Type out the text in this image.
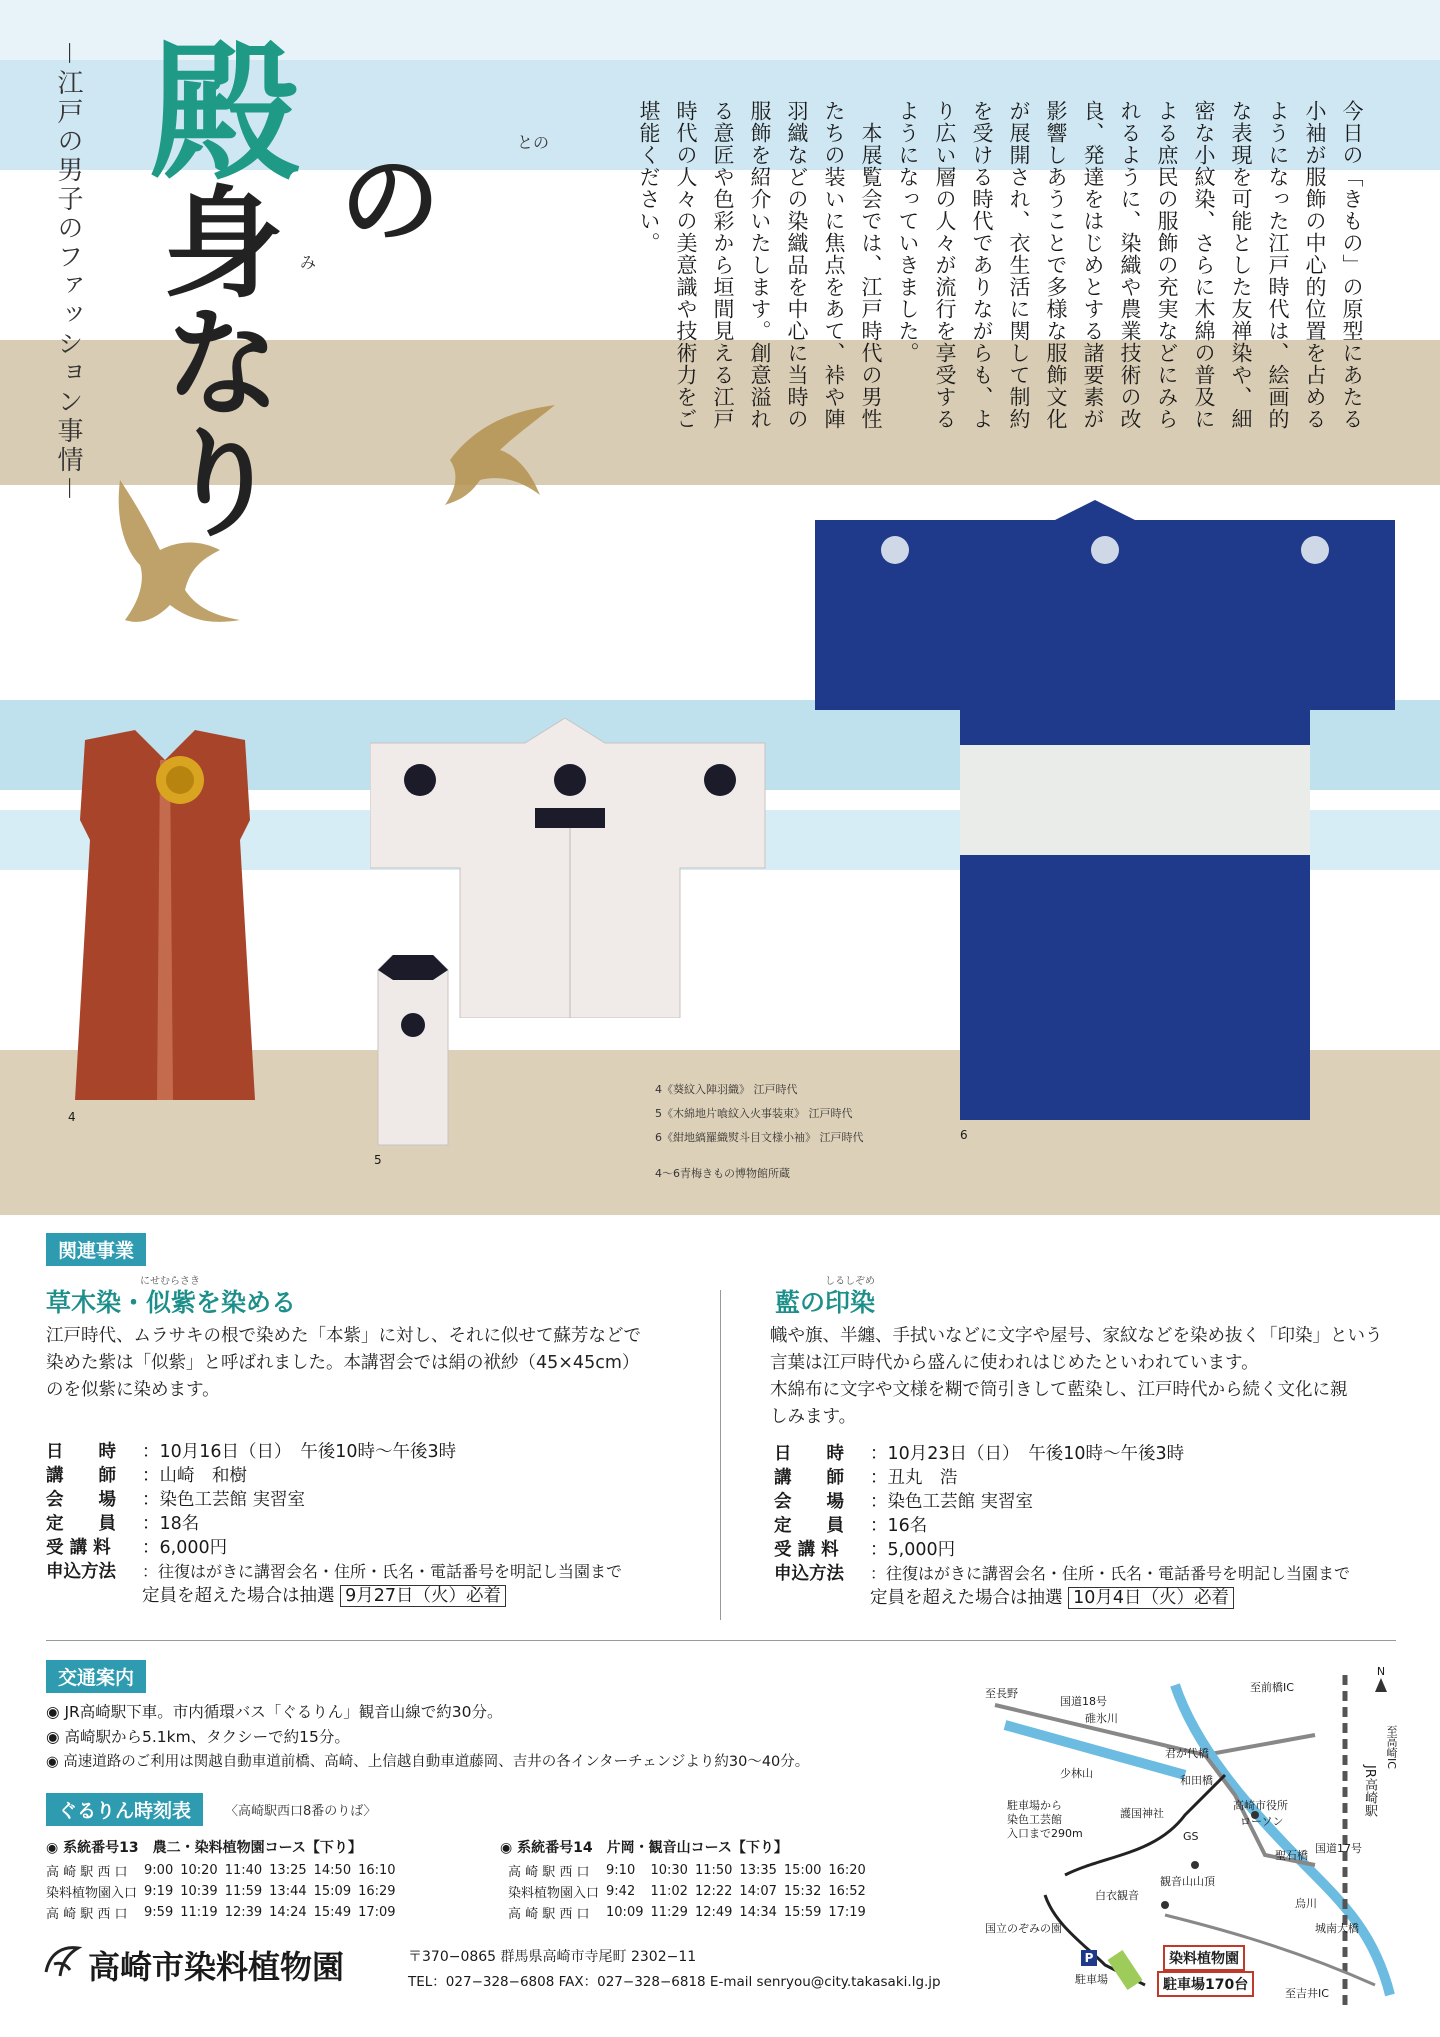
殿	との
の
み
身なり
－江戸の男子のファッション事情－	今日の「きもの」の原型にあたる
小袖が服飾の中心的位置を占める
ようになった江戸時代は、絵画的
な表現を可能とした友禅染や、細
密な小紋染、さらに木綿の普及に
よる庶民の服飾の充実などにみら
れるように、染織や農業技術の改
良、発達をはじめとする諸要素が
影響しあうことで多様な服飾文化
が展開され、衣生活に関して制約
を受ける時代でありながらも、よ
り広い層の人々が流行を享受する
ようになっていきました。
　本展覧会では、江戸時代の男性
たちの装いに焦点をあて、裃や陣
羽織などの染織品を中心に当時の
服飾を紹介いたします。創意溢れ
る意匠や色彩から垣間見える江戸
時代の人々の美意識や技術力をご
堪能ください。
4
5
6
4《葵紋入陣羽織》 江戸時代
5《木綿地片喰紋入火事装束》 江戸時代
6《紺地縞羅織熨斗目文様小袖》 江戸時代
4〜6青梅きもの博物館所蔵
関連事業
にせむらさき
草木染・似紫を染める
江戸時代、ムラサキの根で染めた「本紫」に対し、それに似せて蘇芳などで
染めた紫は「似紫」と呼ばれました。本講習会では絹の袱紗（45×45cm）
のを似紫に染めます。
日　　時	：10月16日（日）　午後10時〜午後3時
講　　師	：山崎　和樹
会　　場	：染色工芸館 実習室
定　　員	：18名
受 講 料	：6,000円
申込方法	：往復はがきに講習会名・住所・氏名・電話番号を明記し当園まで
定員を超えた場合は抽選 9月27日（火）必着
しるしぞめ
藍の印染
幟や旗、半纏、手拭いなどに文字や屋号、家紋などを染め抜く「印染」という
言葉は江戸時代から盛んに使われはじめたといわれています。
木綿布に文字や文様を糊で筒引きして藍染し、江戸時代から続く文化に親
しみます。
日　　時	：10月23日（日）　午後10時〜午後3時
講　　師	：丑丸　浩
会　　場	：染色工芸館 実習室
定　　員	：16名
受 講 料	：5,000円
申込方法	：往復はがきに講習会名・住所・氏名・電話番号を明記し当園まで
定員を超えた場合は抽選 10月4日（火）必着
交通案内
◉ JR高崎駅下車。市内循環バス「ぐるりん」観音山線で約30分。
◉ 高崎駅から5.1km、タクシーで約15分。
◉ 高速道路のご利用は関越自動車道前橋、高崎、上信越自動車道藤岡、吉井の各インターチェンジより約30〜40分。
ぐるりん時刻表	〈高崎駅西口8番のりば〉
◉ 系統番号13　農二・染料植物園コース【下り】
高 崎 駅 西 口	9:00	10:20	11:40	13:25	14:50	16:10
染料植物園入口	9:19	10:39	11:59	13:44	15:09	16:29
高 崎 駅 西 口	9:59	11:19	12:39	14:24	15:49	17:09
◉ 系統番号14　片岡・観音山コース【下り】
高 崎 駅 西 口	9:10	10:30	11:50	13:35	15:00	16:20
染料植物園入口	9:42	11:02	12:22	14:07	15:32	16:52
高 崎 駅 西 口	10:09	11:29	12:49	14:34	15:59	17:19
高崎市染料植物園	〒370−0865 群馬県高崎市寺尾町 2302−11
TEL：027−328−6808 FAX：027−328−6818 E-mail senryou@city.takasaki.lg.jp
至長野
国道18号
碓氷川
至前橋IC
至高崎IC
君が代橋
和田橋
少林山	JR高崎駅
駐車場から
染色工芸館
入口まで290m
護国神社
高崎市役所
ローソン
GS
聖石橋
国道17号
観音山山頂
白衣観音
烏川
国立のぞみの園	城南大橋
P
駐車場
染料植物園
駐車場170台
至吉井IC
N
